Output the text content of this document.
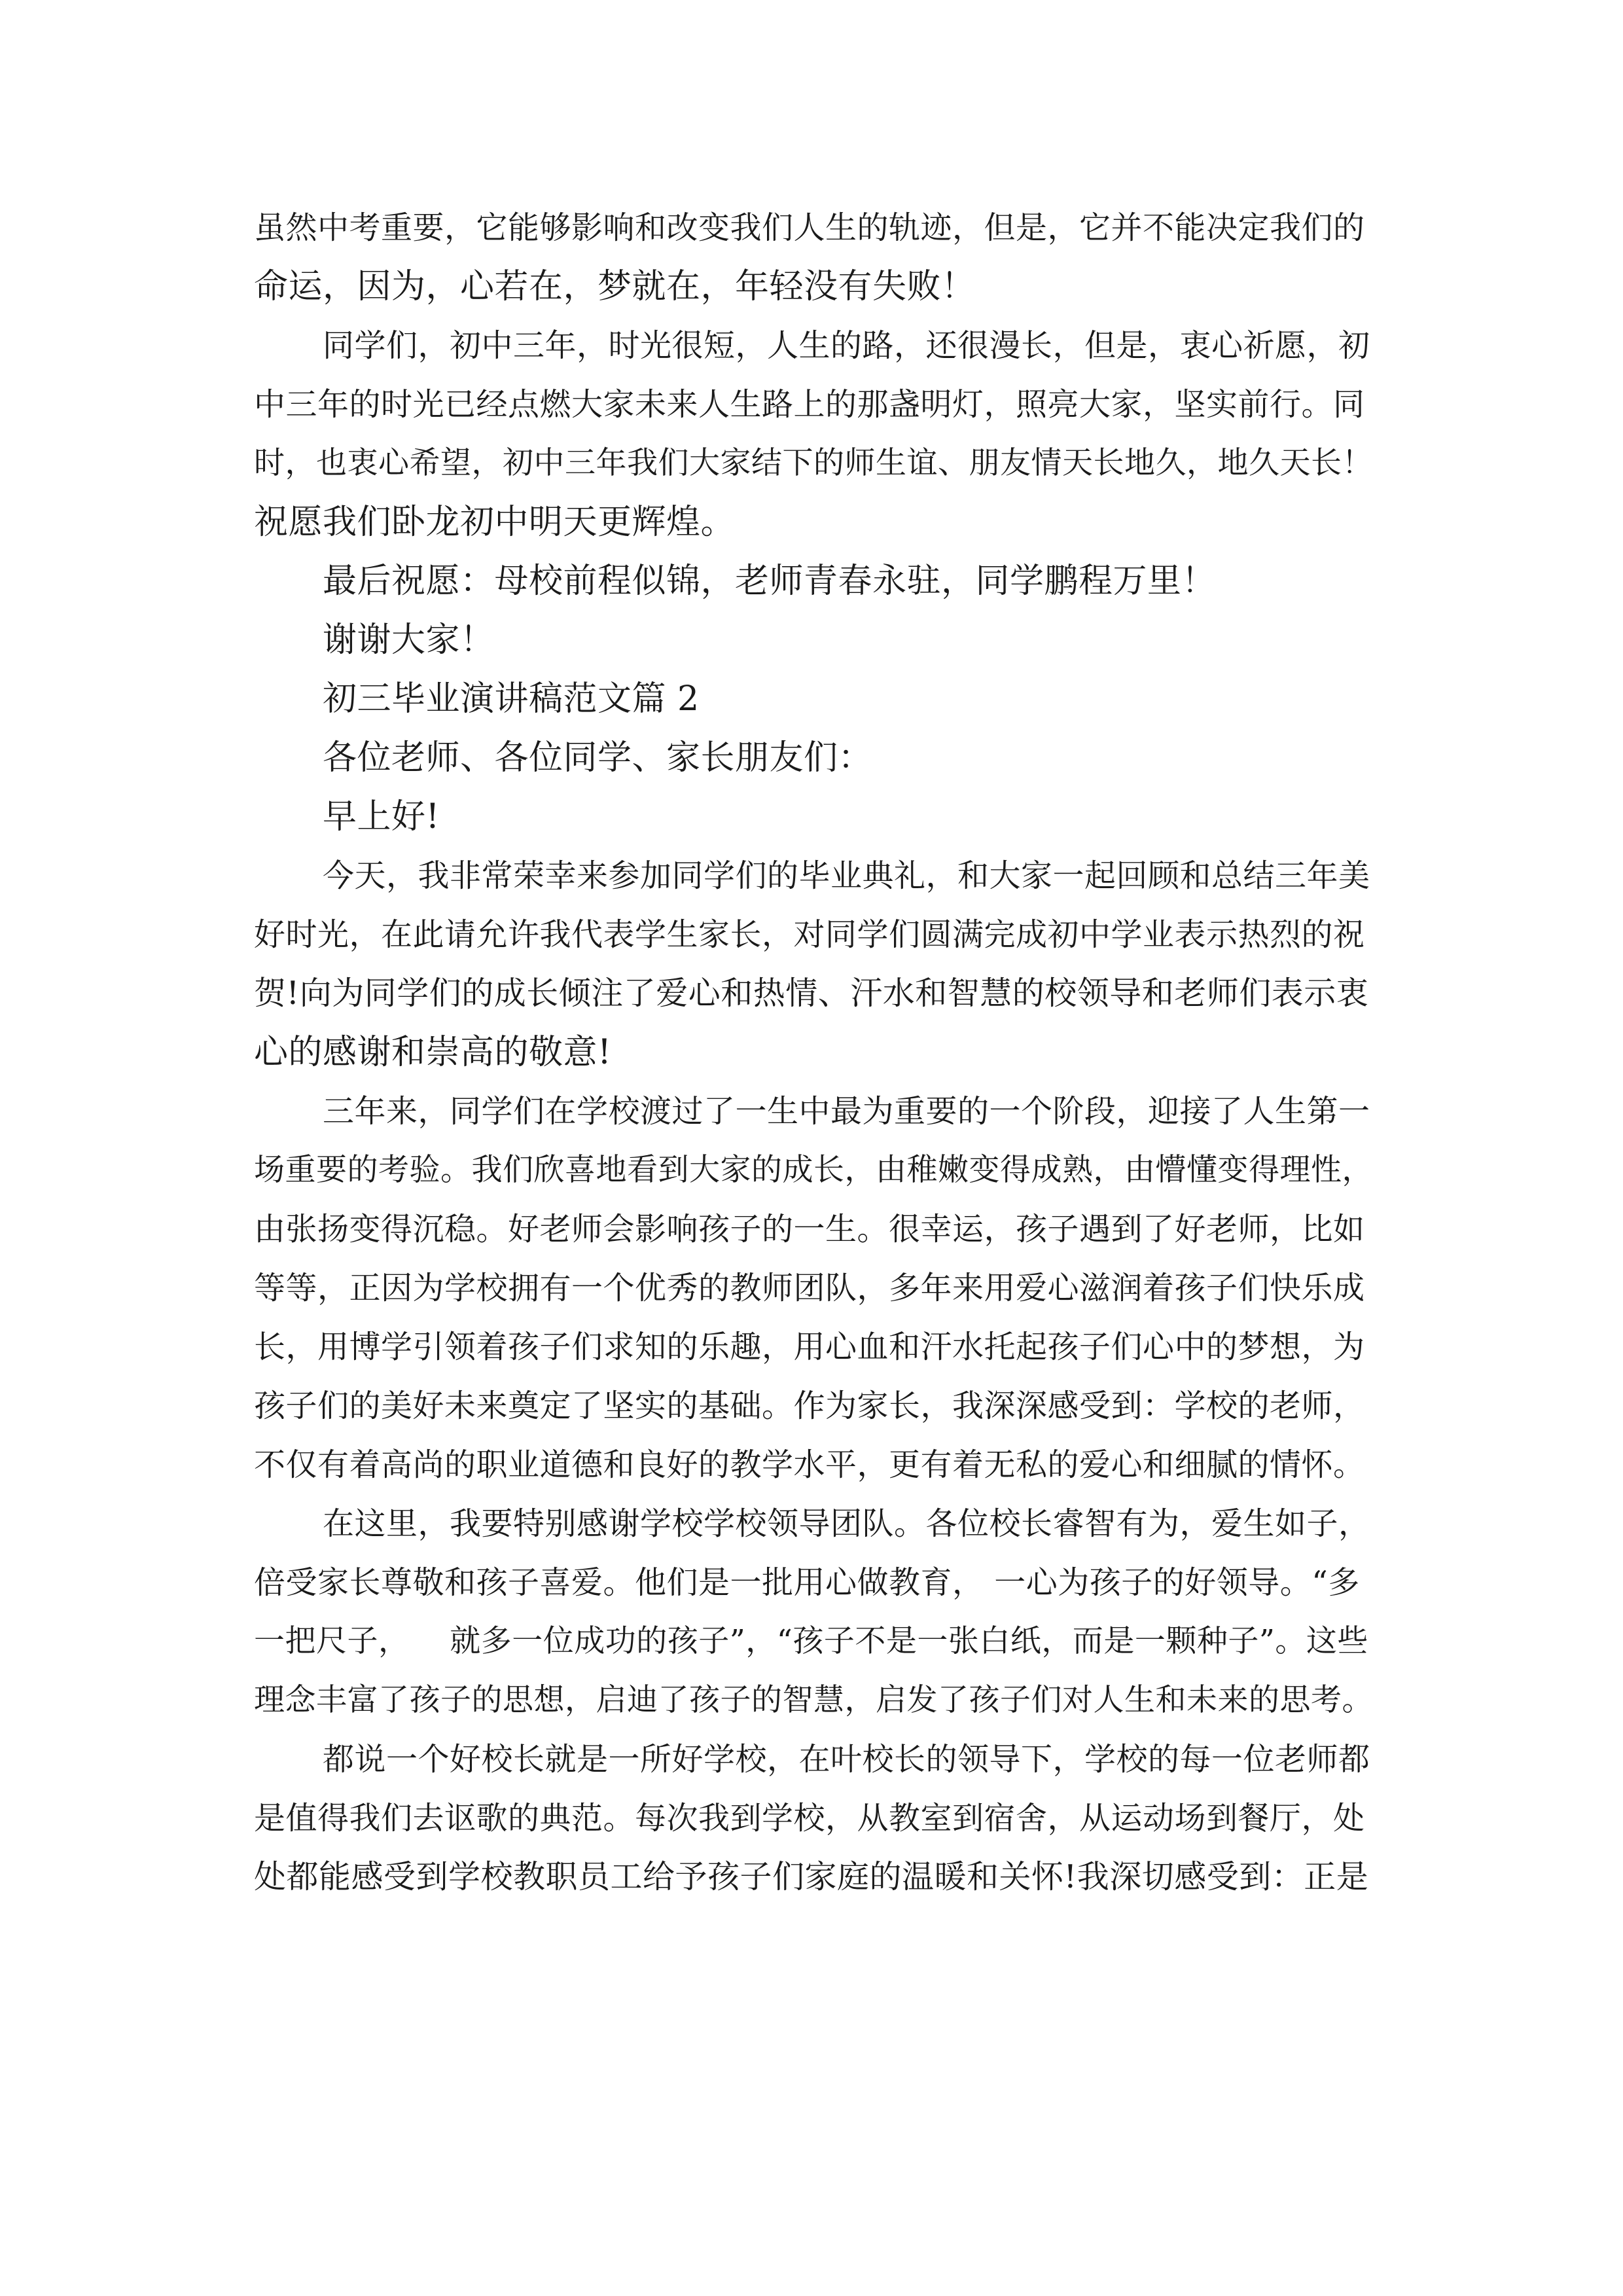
虽然中考重要，它能够影响和改变我们人生的轨迹，但是，它并不能决定我们的
命运，因为，心若在，梦就在，年轻没有失败！
同学们，初中三年，时光很短，人生的路，还很漫长，但是，衷心祈愿，初
中三年的时光已经点燃大家未来人生路上的那盏明灯，照亮大家，坚实前行。同
时，也衷心希望，初中三年我们大家结下的师生谊、朋友情天长地久，地久天长！
祝愿我们卧龙初中明天更辉煌。
最后祝愿：母校前程似锦，老师青春永驻，同学鹏程万里！
谢谢大家！
初三毕业演讲稿范文篇 2
各位老师、各位同学、家长朋友们：
早上好!
今天，我非常荣幸来参加同学们的毕业典礼，和大家一起回顾和总结三年美
好时光，在此请允许我代表学生家长，对同学们圆满完成初中学业表示热烈的祝
贺!向为同学们的成长倾注了爱心和热情、汗水和智慧的校领导和老师们表示衷
心的感谢和崇高的敬意!
三年来，同学们在学校渡过了一生中最为重要的一个阶段，迎接了人生第一
场重要的考验。我们欣喜地看到大家的成长，由稚嫩变得成熟，由懵懂变得理性，
由张扬变得沉稳。好老师会影响孩子的一生。很幸运，孩子遇到了好老师，比如
等等，正因为学校拥有一个优秀的教师团队，多年来用爱心滋润着孩子们快乐成
长，用博学引领着孩子们求知的乐趣，用心血和汗水托起孩子们心中的梦想，为
孩子们的美好未来奠定了坚实的基础。作为家长，我深深感受到：学校的老师，
不仅有着高尚的职业道德和良好的教学水平，更有着无私的爱心和细腻的情怀。
在这里，我要特别感谢学校学校领导团队。各位校长睿智有为，爱生如子，
倍受家长尊敬和孩子喜爱。他们是一批用心做教育， 一心为孩子的好领导。“多
一把尺子，    就多一位成功的孩子”，“孩子不是一张白纸，而是一颗种子”。这些
理念丰富了孩子的思想，启迪了孩子的智慧，启发了孩子们对人生和未来的思考。
都说一个好校长就是一所好学校，在叶校长的领导下，学校的每一位老师都
是值得我们去讴歌的典范。每次我到学校，从教室到宿舍，从运动场到餐厅，处
处都能感受到学校教职员工给予孩子们家庭的温暖和关怀!我深切感受到：正是
